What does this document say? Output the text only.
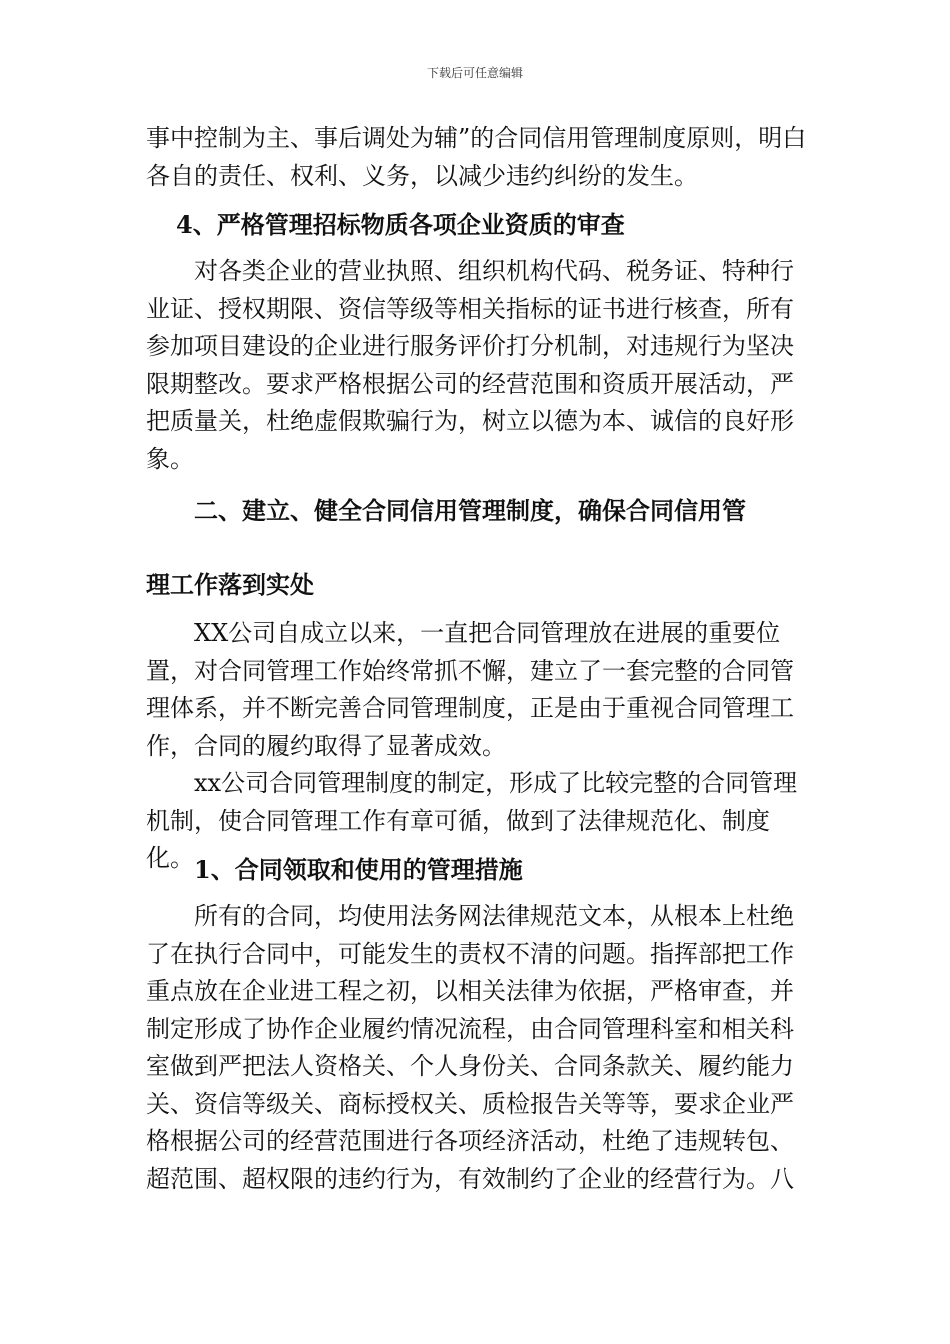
下载后可任意编辑

事中控制为主、事后调处为辅”的合同信用管理制度原则，明白各自的责任、权利、义务，以减少违约纠纷的发生。

4、严格管理招标物质各项企业资质的审查

对各类企业的营业执照、组织机构代码、税务证、特种行业证、授权期限、资信等级等相关指标的证书进行核查，所有参加项目建设的企业进行服务评价打分机制，对违规行为坚决限期整改。要求严格根据公司的经营范围和资质开展活动，严把质量关，杜绝虚假欺骗行为，树立以德为本、诚信的良好形象。

二、建立、健全合同信用管理制度，确保合同信用管
理工作落到实处

XX公司自成立以来，一直把合同管理放在进展的重要位置，对合同管理工作始终常抓不懈，建立了一套完整的合同管理体系，并不断完善合同管理制度，正是由于重视合同管理工作，合同的履约取得了显著成效。

xx公司合同管理制度的制定，形成了比较完整的合同管理机制，使合同管理工作有章可循，做到了法律规范化、制度化。 1、合同领取和使用的管理措施

所有的合同，均使用法务网法律规范文本，从根本上杜绝了在执行合同中，可能发生的责权不清的问题。指挥部把工作重点放在企业进工程之初，以相关法律为依据，严格审查，并制定形成了协作企业履约情况流程，由合同管理科室和相关科室做到严把法人资格关、个人身份关、合同条款关、履约能力关、资信等级关、商标授权关、质检报告关等等，要求企业严格根据公司的经营范围进行各项经济活动，杜绝了违规转包、超范围、超权限的违约行为，有效制约了企业的经营行为。八
